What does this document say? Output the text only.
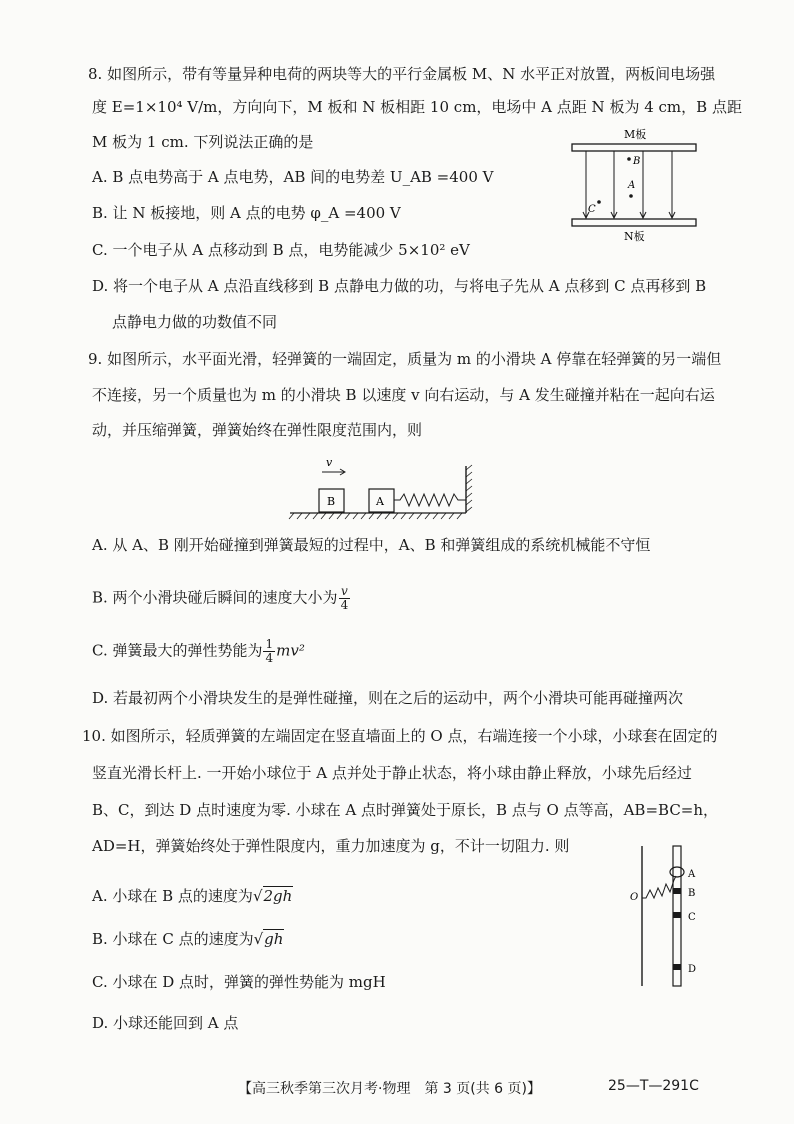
8. 如图所示，带有等量异种电荷的两块等大的平行金属板 M、N 水平正对放置，两板间电场强
度 E=1×10⁴ V/m，方向向下，M 板和 N 板相距 10 cm，电场中 A 点距 N 板为 4 cm，B 点距
M 板为 1 cm. 下列说法正确的是
A. B 点电势高于 A 点电势，AB 间的电势差 U_AB =400 V
B. 让 N 板接地，则 A 点的电势 φ_A =400 V
C. 一个电子从 A 点移动到 B 点，电势能减少 5×10² eV
D. 将一个电子从 A 点沿直线移到 B 点静电力做的功，与将电子先从 A 点移到 C 点再移到 B
点静电力做的功数值不同
M板
B
A
C
N板
9. 如图所示，水平面光滑，轻弹簧的一端固定，质量为 m 的小滑块 A 停靠在轻弹簧的另一端但
不连接，另一个质量也为 m 的小滑块 B 以速度 v 向右运动，与 A 发生碰撞并粘在一起向右运
动，并压缩弹簧，弹簧始终在弹性限度范围内，则
v
B	A
A. 从 A、B 刚开始碰撞到弹簧最短的过程中，A、B 和弹簧组成的系统机械能不守恒
B. 两个小滑块碰后瞬间的速度大小为 $\frac{v}{4}$
C. 弹簧最大的弹性势能为 $\frac{1}{4} mv^2$
D. 若最初两个小滑块发生的是弹性碰撞，则在之后的运动中，两个小滑块可能再碰撞两次
10. 如图所示，轻质弹簧的左端固定在竖直墙面上的 O 点，右端连接一个小球，小球套在固定的
竖直光滑长杆上. 一开始小球位于 A 点并处于静止状态，将小球由静止释放，小球先后经过
B、C，到达 D 点时速度为零. 小球在 A 点时弹簧处于原长，B 点与 O 点等高，AB=BC=h，
AD=H，弹簧始终处于弹性限度内，重力加速度为 g，不计一切阻力. 则
A. 小球在 B 点的速度为√2gh
B. 小球在 C 点的速度为√gh
C. 小球在 D 点时，弹簧的弹性势能为 mgH
D. 小球还能回到 A 点
O
A
B
C
D
【高三秋季第三次月考·物理　第 3 页(共 6 页)】	25—T—291C
